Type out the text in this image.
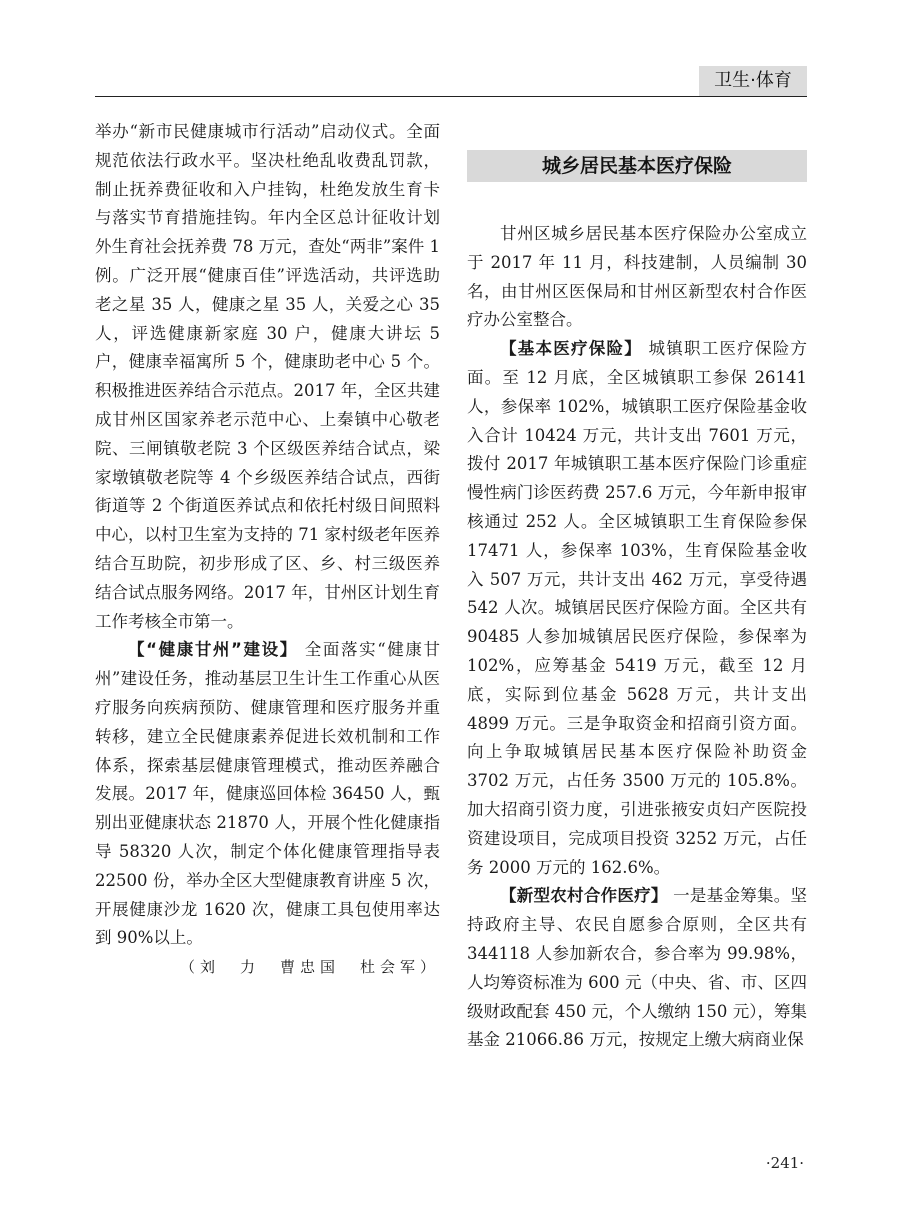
卫生·体育

举办“新市民健康城市行活动”启动仪式。全面规范依法行政水平。坚决杜绝乱收费乱罚款，制止抚养费征收和入户挂钩，杜绝发放生育卡与落实节育措施挂钩。年内全区总计征收计划外生育社会抚养费 78 万元，查处“两非”案件 1 例。广泛开展“健康百佳”评选活动，共评选助老之星 35 人，健康之星 35 人，关爱之心 35 人，评选健康新家庭 30 户，健康大讲坛 5 户，健康幸福寓所 5 个，健康助老中心 5 个。积极推进医养结合示范点。2017 年，全区共建成甘州区国家养老示范中心、上秦镇中心敬老院、三闸镇敬老院 3 个区级医养结合试点，梁家墩镇敬老院等 4 个乡级医养结合试点，西街街道等 2 个街道医养试点和依托村级日间照料中心，以村卫生室为支持的 71 家村级老年医养结合互助院，初步形成了区、乡、村三级医养结合试点服务网络。2017 年，甘州区计划生育工作考核全市第一。

【“健康甘州”建设】 全面落实“健康甘州”建设任务，推动基层卫生计生工作重心从医疗服务向疾病预防、健康管理和医疗服务并重转移，建立全民健康素养促进长效机制和工作体系，探索基层健康管理模式，推动医养融合发展。2017 年，健康巡回体检 36450 人，甄别出亚健康状态 21870 人，开展个性化健康指导 58320 人次，制定个体化健康管理指导表 22500 份，举办全区大型健康教育讲座 5 次，开展健康沙龙 1620 次，健康工具包使用率达到 90%以上。

（刘　力　曹忠国　杜会军）

城乡居民基本医疗保险

甘州区城乡居民基本医疗保险办公室成立于 2017 年 11 月，科技建制，人员编制 30 名，由甘州区医保局和甘州区新型农村合作医疗办公室整合。

【基本医疗保险】 城镇职工医疗保险方面。至 12 月底，全区城镇职工参保 26141 人，参保率 102%，城镇职工医疗保险基金收入合计 10424 万元，共计支出 7601 万元，拨付 2017 年城镇职工基本医疗保险门诊重症慢性病门诊医药费 257.6 万元，今年新申报审核通过 252 人。全区城镇职工生育保险参保 17471 人，参保率 103%，生育保险基金收入 507 万元，共计支出 462 万元，享受待遇 542 人次。城镇居民医疗保险方面。全区共有 90485 人参加城镇居民医疗保险，参保率为 102%，应筹基金 5419 万元，截至 12 月底，实际到位基金 5628 万元，共计支出 4899 万元。三是争取资金和招商引资方面。向上争取城镇居民基本医疗保险补助资金 3702 万元，占任务 3500 万元的 105.8%。加大招商引资力度，引进张掖安贞妇产医院投资建设项目，完成项目投资 3252 万元，占任务 2000 万元的 162.6%。

【新型农村合作医疗】 一是基金筹集。坚持政府主导、农民自愿参合原则，全区共有 344118 人参加新农合，参合率为 99.98%，人均筹资标准为 600 元（中央、省、市、区四级财政配套 450 元，个人缴纳 150 元），筹集基金 21066.86 万元，按规定上缴大病商业保

·241·
